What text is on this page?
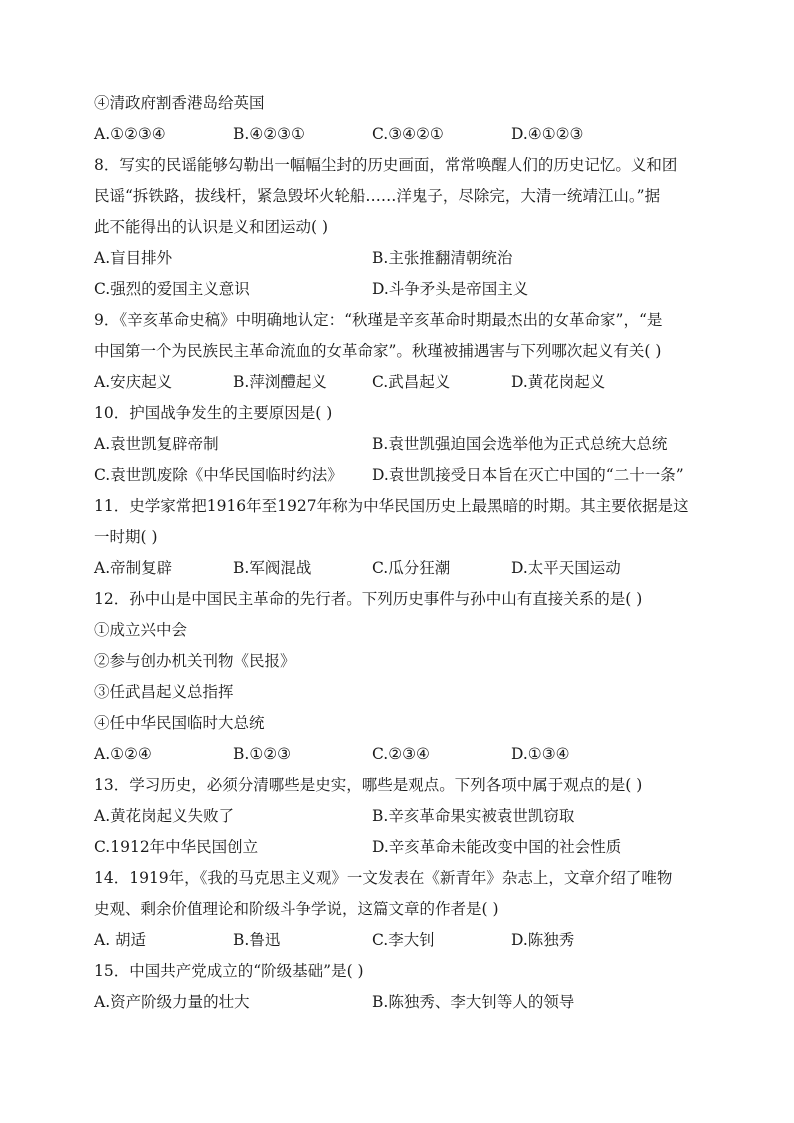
④清政府割香港岛给英国
A.①②③④	B.④②③①	C.③④②①	D.④①②③
8．写实的民谣能够勾勒出一幅幅尘封的历史画面，常常唤醒人们的历史记忆。义和团
民谣“拆铁路，拔线杆，紧急毁坏火轮船……洋鬼子，尽除完，大清一统靖江山。”据
此不能得出的认识是义和团运动( )
A.盲目排外	B.主张推翻清朝统治
C.强烈的爱国主义意识	D.斗争矛头是帝国主义
9．《辛亥革命史稿》中明确地认定：“秋瑾是辛亥革命时期最杰出的女革命家”，“是
中国第一个为民族民主革命流血的女革命家”。秋瑾被捕遇害与下列哪次起义有关( )
A.安庆起义	B.萍浏醴起义	C.武昌起义	D.黄花岗起义
10．护国战争发生的主要原因是( )
A.袁世凯复辟帝制	B.袁世凯强迫国会选举他为正式总统大总统
C.袁世凯废除《中华民国临时约法》	D.袁世凯接受日本旨在灭亡中国的“二十一条”
11．史学家常把1916年至1927年称为中华民国历史上最黑暗的时期。其主要依据是这
一时期( )
A.帝制复辟	B.军阀混战	C.瓜分狂潮	D.太平天国运动
12．孙中山是中国民主革命的先行者。下列历史事件与孙中山有直接关系的是( )
①成立兴中会
②参与创办机关刊物《民报》
③任武昌起义总指挥
④任中华民国临时大总统
A.①②④	B.①②③	C.②③④	D.①③④
13．学习历史，必须分清哪些是史实，哪些是观点。下列各项中属于观点的是( )
A.黄花岗起义失败了	B.辛亥革命果实被袁世凯窃取
C.1912年中华民国创立	D.辛亥革命未能改变中国的社会性质
14．1919年，《我的马克思主义观》一文发表在《新青年》杂志上，文章介绍了唯物
史观、剩余价值理论和阶级斗争学说，这篇文章的作者是( )
A. 胡适	B.鲁迅	C.李大钊	D.陈独秀
15．中国共产党成立的“阶级基础”是( )
A.资产阶级力量的壮大	B.陈独秀、李大钊等人的领导
